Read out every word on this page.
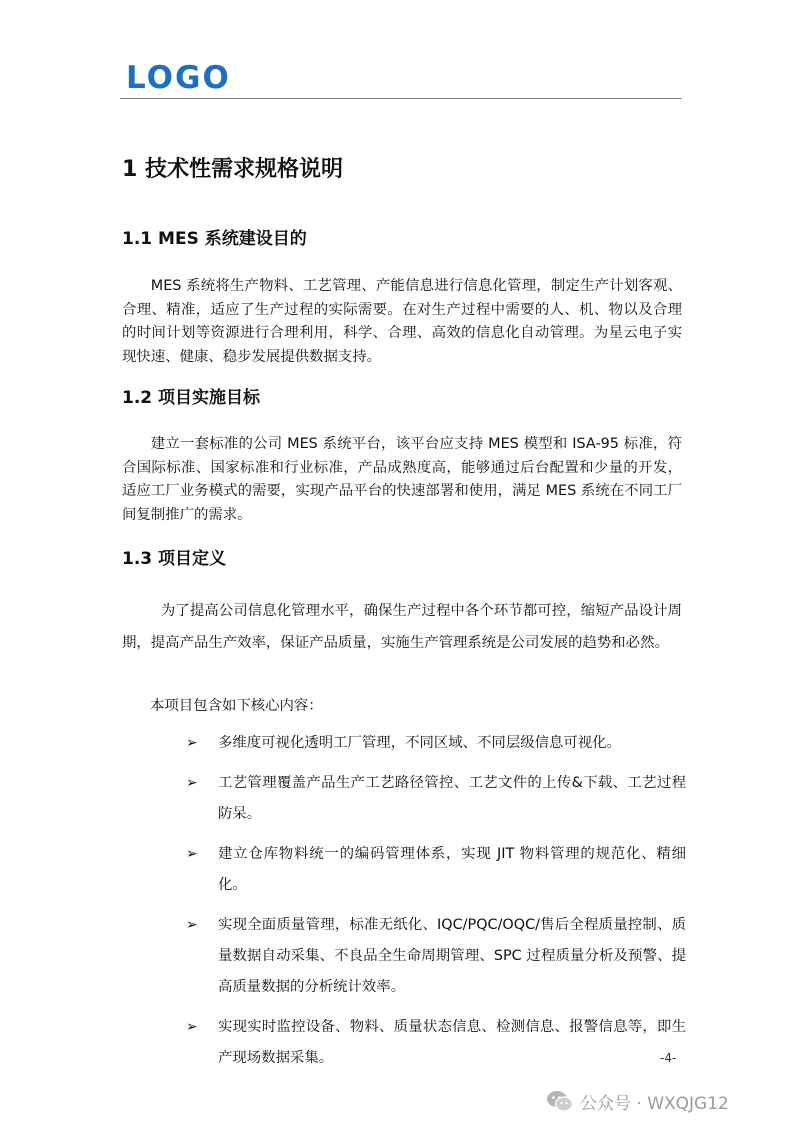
LOGO
1 技术性需求规格说明
1.1 MES 系统建设目的

MES 系统将生产物料、工艺管理、产能信息进行信息化管理，制定生产计划客观、合理、精准，适应了生产过程的实际需要。在对生产过程中需要的人、机、物以及合理的时间计划等资源进行合理利用，科学、合理、高效的信息化自动管理。为星云电子实现快速、健康、稳步发展提供数据支持。

1.2 项目实施目标

建立一套标准的公司 MES 系统平台，该平台应支持 MES 模型和 ISA-95 标准，符合国际标准、国家标准和行业标准，产品成熟度高，能够通过后台配置和少量的开发，适应工厂业务模式的需要，实现产品平台的快速部署和使用，满足 MES 系统在不同工厂间复制推广的需求。

1.3 项目定义

为了提高公司信息化管理水平，确保生产过程中各个环节都可控，缩短产品设计周期，提高产品生产效率，保证产品质量，实施生产管理系统是公司发展的趋势和必然。

本项目包含如下核心内容：
➢ 多维度可视化透明工厂管理，不同区域、不同层级信息可视化。
➢ 工艺管理覆盖产品生产工艺路径管控、工艺文件的上传&下载、工艺过程防呆。
➢ 建立仓库物料统一的编码管理体系，实现 JIT 物料管理的规范化、精细化。
➢ 实现全面质量管理，标准无纸化、IQC/PQC/OQC/售后全程质量控制、质量数据自动采集、不良品全生命周期管理、SPC 过程质量分析及预警、提高质量数据的分析统计效率。
➢ 实现实时监控设备、物料、质量状态信息、检测信息、报警信息等，即生产现场数据采集。	-4-
公众号 · WXQJG12
